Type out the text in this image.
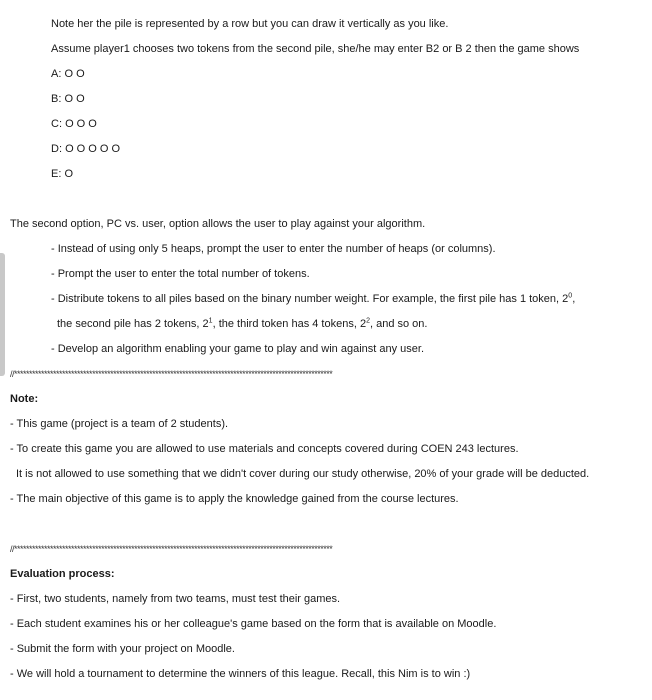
Note her the pile is represented by a row but you can draw it vertically as you like.
Assume player1 chooses two tokens from the second pile, she/he may enter B2 or B 2 then the game shows
A: O O
B: O O
C: O O O
D: O O O O O
E: O
The second option, PC vs. user, option allows the user to play against your algorithm.
- Instead of using only 5 heaps, prompt the user to enter the number of heaps (or columns).
- Prompt the user to enter the total number of tokens.
- Distribute tokens to all piles based on the binary number weight. For example, the first pile has 1 token, $2^0$,
the second pile has 2 tokens, $2^1$, the third token has 4 tokens, $2^2$, and so on.
- Develop an algorithm enabling your game to play and win against any user.
//**********************************************************************************************************
Note:
- This game (project is a team of 2 students).
- To create this game you are allowed to use materials and concepts covered during COEN 243 lectures.
It is not allowed to use something that we didn't cover during our study otherwise, 20% of your grade will be deducted.
- The main objective of this game is to apply the knowledge gained from the course lectures.
//**********************************************************************************************************
Evaluation process:
- First, two students, namely from two teams, must test their games.
- Each student examines his or her colleague's game based on the form that is available on Moodle.
- Submit the form with your project on Moodle.
- We will hold a tournament to determine the winners of this league. Recall, this Nim is to win :)
